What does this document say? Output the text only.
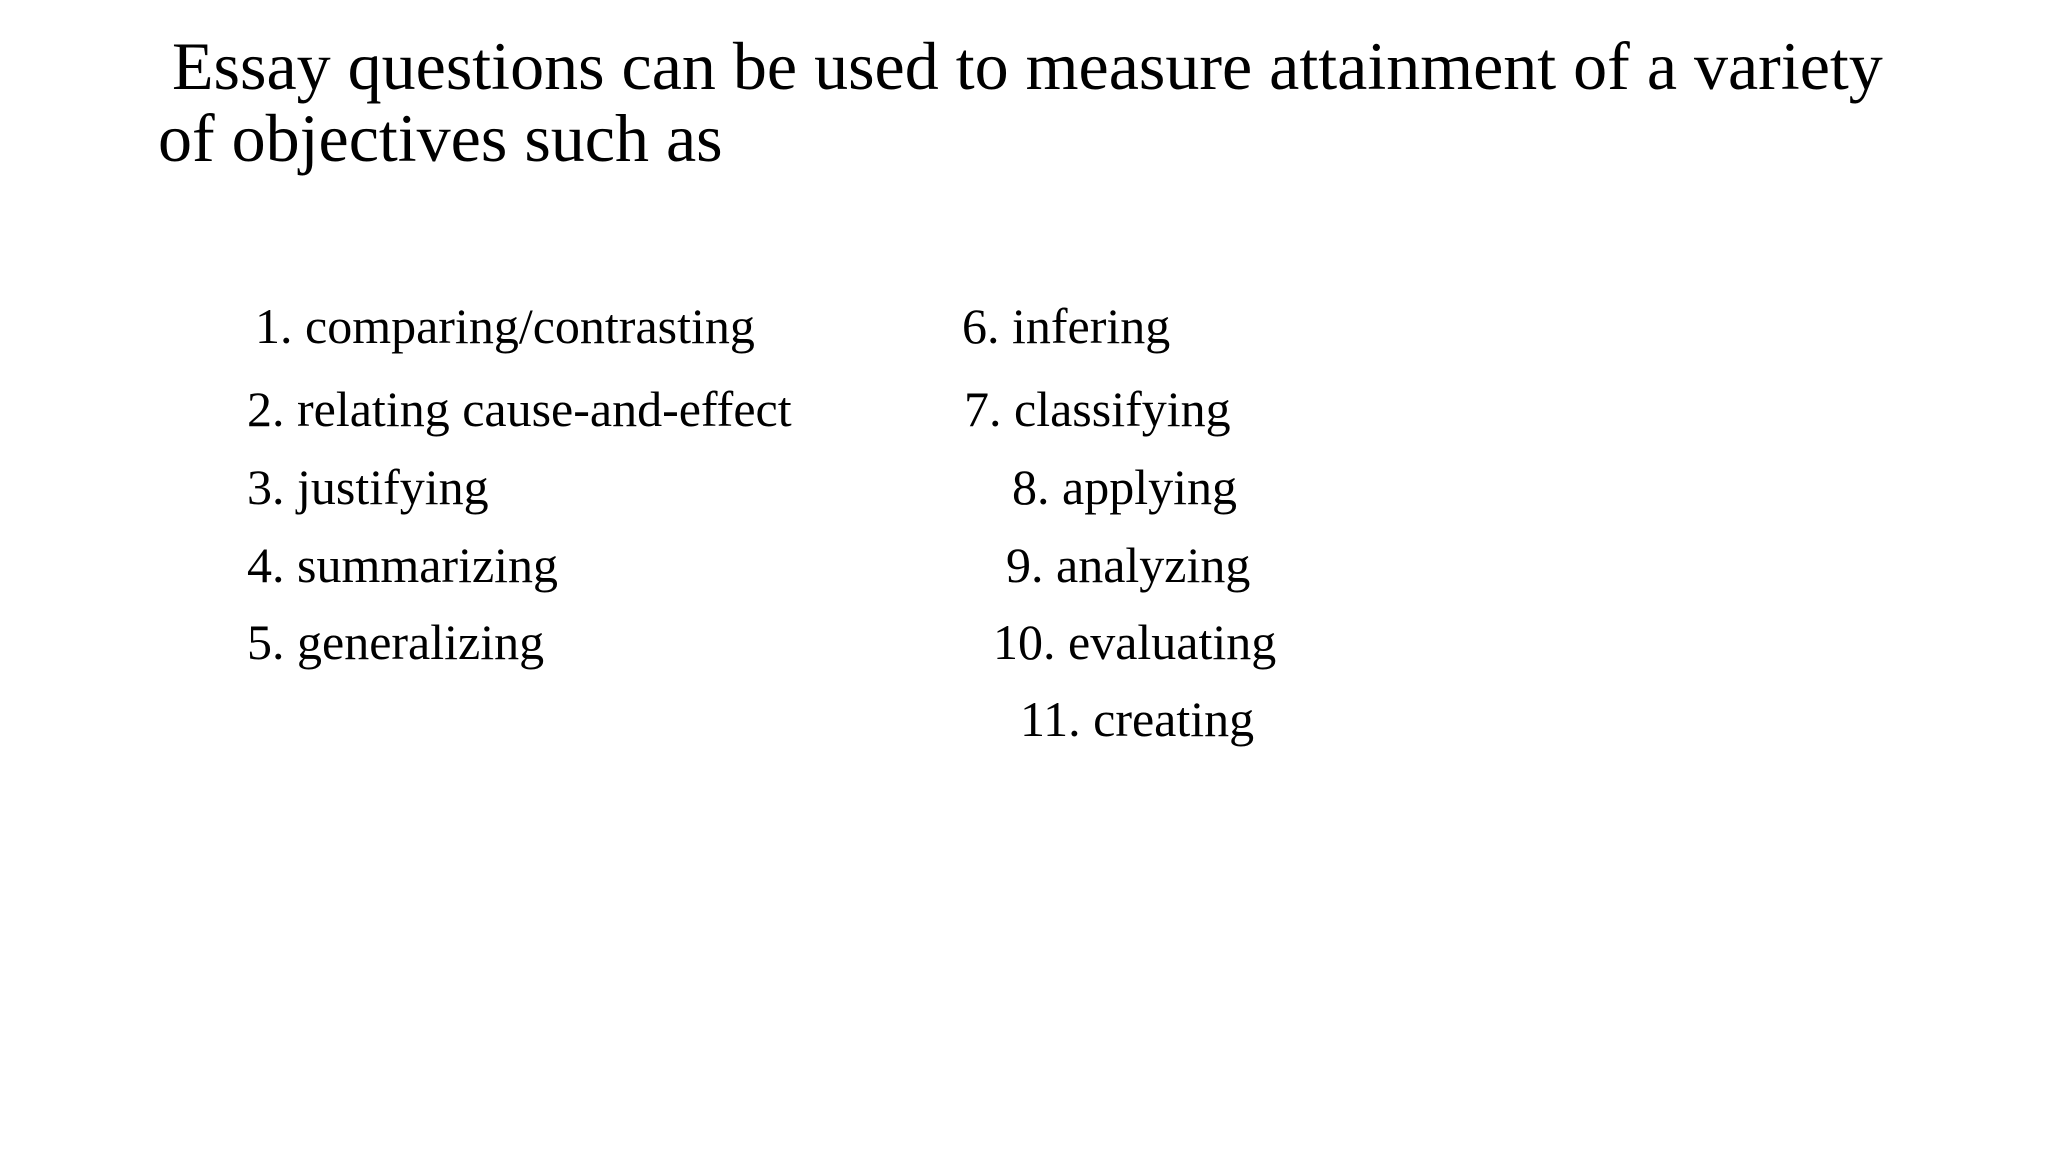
Essay questions can be used to measure attainment of a variety
of objectives such as
1. comparing/contrasting
2. relating cause-and-effect
3. justifying
4. summarizing
5. generalizing
6. infering
7. classifying
8. applying
9. analyzing
10. evaluating
11. creating
